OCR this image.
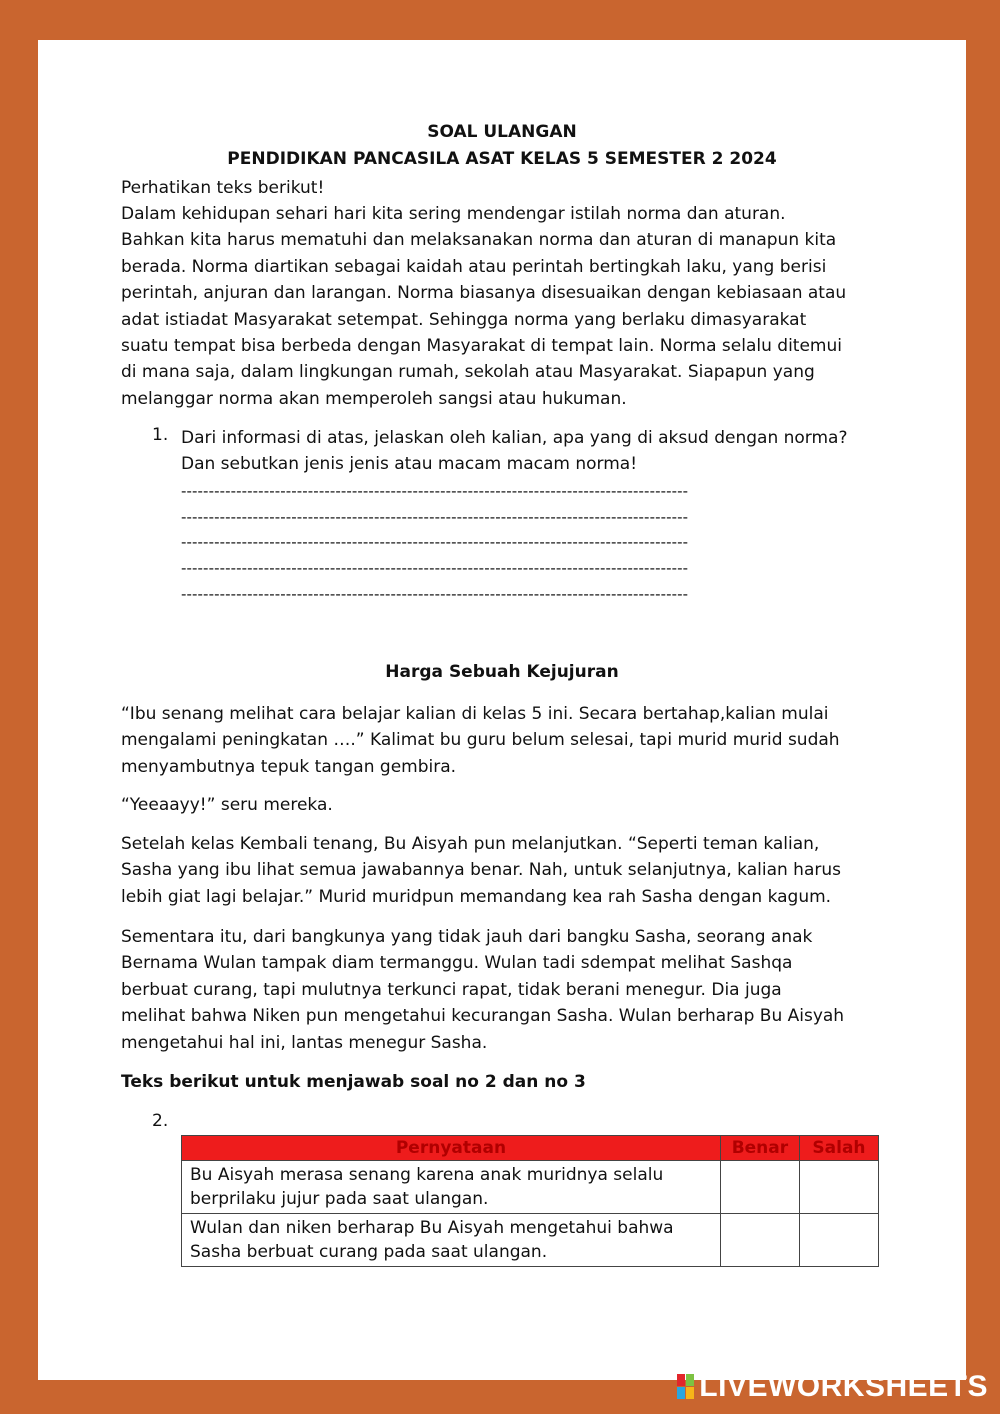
SOAL ULANGAN
PENDIDIKAN PANCASILA ASAT KELAS 5 SEMESTER 2 2024

Perhatikan teks berikut!

Dalam kehidupan sehari hari kita sering mendengar istilah norma dan aturan.
Bahkan kita harus mematuhi dan melaksanakan norma dan aturan di manapun kita
berada. Norma diartikan sebagai kaidah atau perintah bertingkah laku, yang berisi
perintah, anjuran dan larangan. Norma biasanya disesuaikan dengan kebiasaan atau
adat istiadat Masyarakat setempat. Sehingga norma yang berlaku dimasyarakat
suatu tempat bisa berbeda dengan Masyarakat di tempat lain. Norma selalu ditemui
di mana saja, dalam lingkungan rumah, sekolah atau Masyarakat. Siapapun yang
melanggar norma akan memperoleh sangsi atau hukuman.

1. Dari informasi di atas, jelaskan oleh kalian, apa yang di aksud dengan norma?
Dan sebutkan jenis jenis atau macam macam norma!

--------------------------------------------------------------------------------------------
--------------------------------------------------------------------------------------------
--------------------------------------------------------------------------------------------
--------------------------------------------------------------------------------------------
--------------------------------------------------------------------------------------------
Harga Sebuah Kejujuran

“Ibu senang melihat cara belajar kalian di kelas 5 ini. Secara bertahap,kalian mulai
mengalami peningkatan ….” Kalimat bu guru belum selesai, tapi murid murid sudah
menyambutnya tepuk tangan gembira.

“Yeeaayy!” seru mereka.

Setelah kelas Kembali tenang, Bu Aisyah pun melanjutkan. “Seperti teman kalian,
Sasha yang ibu lihat semua jawabannya benar. Nah, untuk selanjutnya, kalian harus
lebih giat lagi belajar.” Murid muridpun memandang kea rah Sasha dengan kagum.

Sementara itu, dari bangkunya yang tidak jauh dari bangku Sasha, seorang anak
Bernama Wulan tampak diam termanggu. Wulan tadi sdempat melihat Sashqa
berbuat curang, tapi mulutnya terkunci rapat, tidak berani menegur. Dia juga
melihat bahwa Niken pun mengetahui kecurangan Sasha. Wulan berharap Bu Aisyah
mengetahui hal ini, lantas menegur Sasha.

Teks berikut untuk menjawab soal no 2 dan no 3

2.

Pernyataan	Benar	Salah
Bu Aisyah merasa senang karena anak muridnya selalu
berprilaku jujur pada saat ulangan.		
Wulan dan niken berharap Bu Aisyah mengetahui bahwa
Sasha berbuat curang pada saat ulangan.		
LIVEWORKSHEETS
